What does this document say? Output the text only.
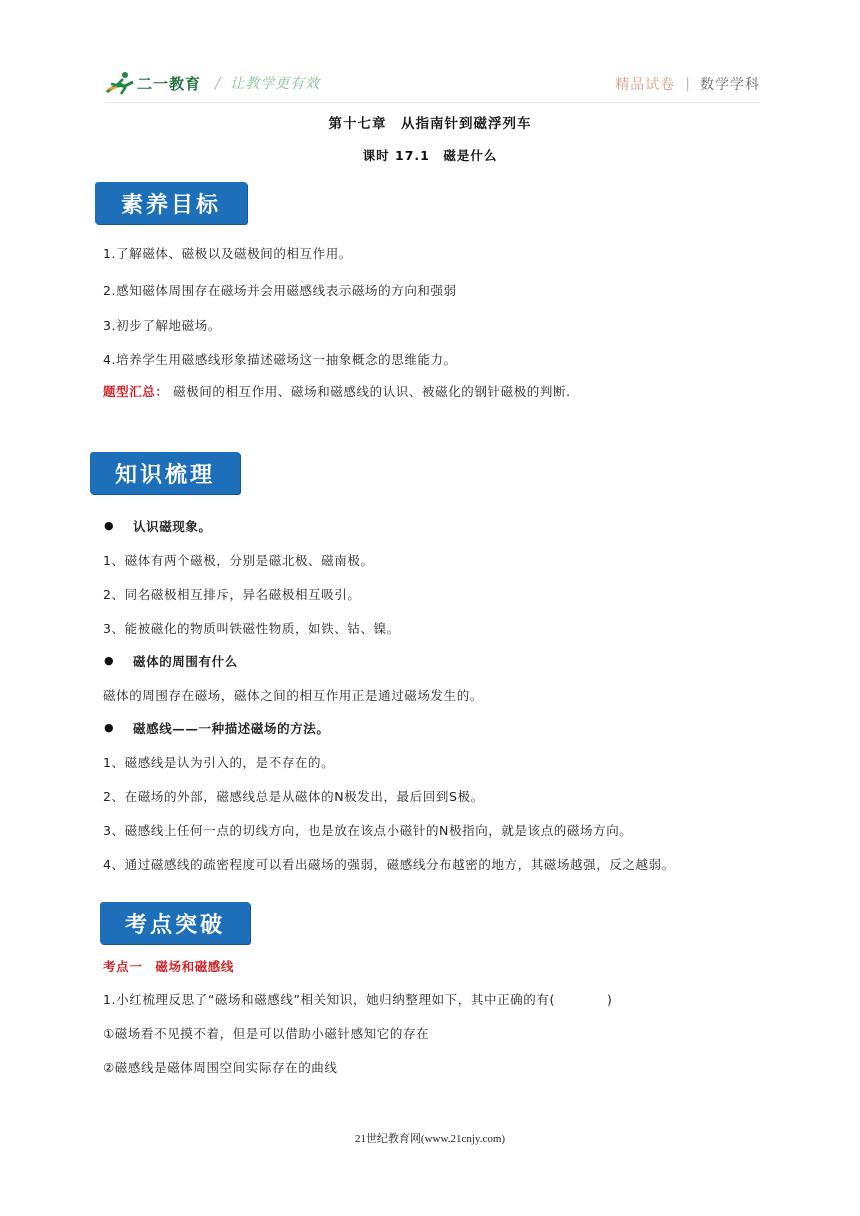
二一教育 / 让教学更有效	精品试卷 | 数学学科
第十七章　从指南针到磁浮列车
课时 17.1　磁是什么
素养目标
1.了解磁体、磁极以及磁极间的相互作用。
2.感知磁体周围存在磁场并会用磁感线表示磁场的方向和强弱
3.初步了解地磁场。
4.培养学生用磁感线形象描述磁场这一抽象概念的思维能力。
题型汇总： 磁极间的相互作用、磁场和磁感线的认识、被磁化的钢针磁极的判断.
知识梳理
● 认识磁现象。
1、磁体有两个磁极，分别是磁北极、磁南极。
2、同名磁极相互排斥，异名磁极相互吸引。
3、能被磁化的物质叫铁磁性物质，如铁、钴、镍。
● 磁体的周围有什么
磁体的周围存在磁场，磁体之间的相互作用正是通过磁场发生的。
● 磁感线——一种描述磁场的方法。
1、磁感线是认为引入的，是不存在的。
2、在磁场的外部，磁感线总是从磁体的N极发出，最后回到S极。
3、磁感线上任何一点的切线方向，也是放在该点小磁针的N极指向，就是该点的磁场方向。
4、通过磁感线的疏密程度可以看出磁场的强弱，磁感线分布越密的地方，其磁场越强，反之越弱。
考点突破
考点一　磁场和磁感线
1.小红梳理反思了“磁场和磁感线”相关知识，她归纳整理如下，其中正确的有(	)
①磁场看不见摸不着，但是可以借助小磁针感知它的存在
②磁感线是磁体周围空间实际存在的曲线
21世纪教育网(www.21cnjy.com)
